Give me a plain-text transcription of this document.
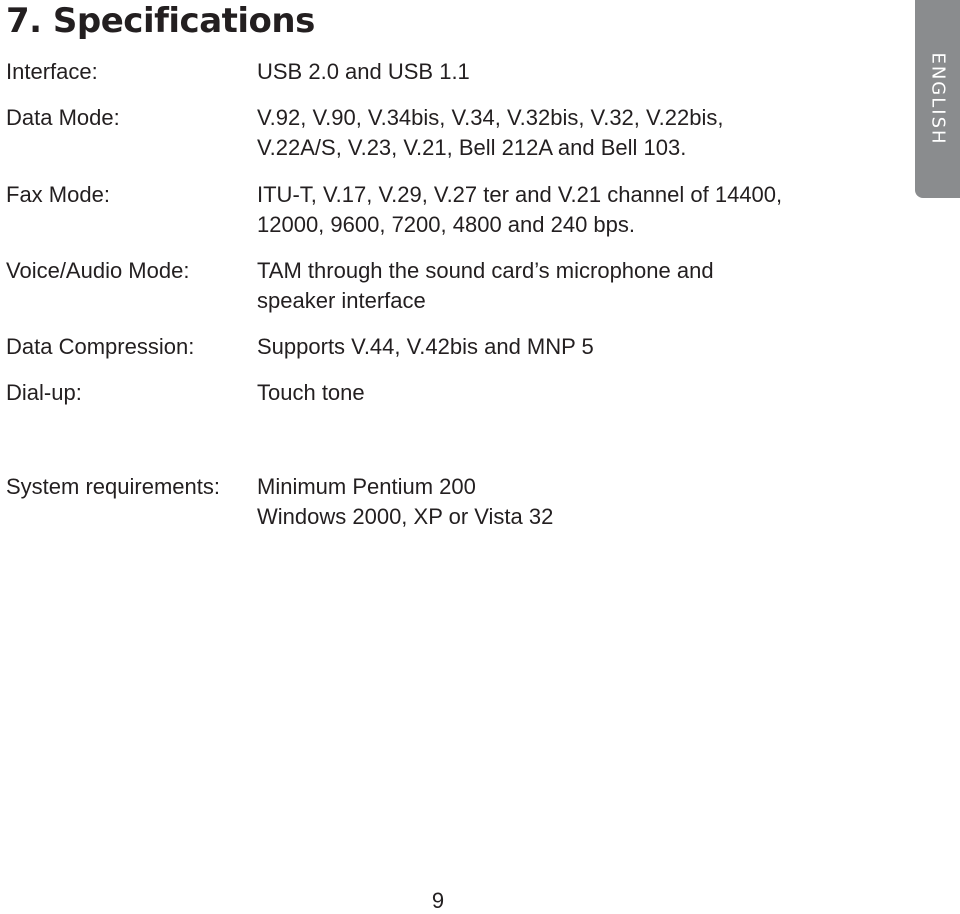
7. Specifications
ENGLISH
Interface:	USB 2.0 and USB 1.1
Data Mode:	V.92, V.90, V.34bis, V.34, V.32bis, V.32, V.22bis,
V.22A/S, V.23, V.21, Bell 212A and Bell 103.
Fax Mode:	ITU-T, V.17, V.29, V.27 ter and V.21 channel of 14400,
12000, 9600, 7200, 4800 and 240 bps.
Voice/Audio Mode:	TAM through the sound card’s microphone and
speaker interface
Data Compression:	Supports V.44, V.42bis and MNP 5
Dial-up:	Touch tone
System requirements: Minimum Pentium 200
Windows 2000, XP or Vista 32
9
